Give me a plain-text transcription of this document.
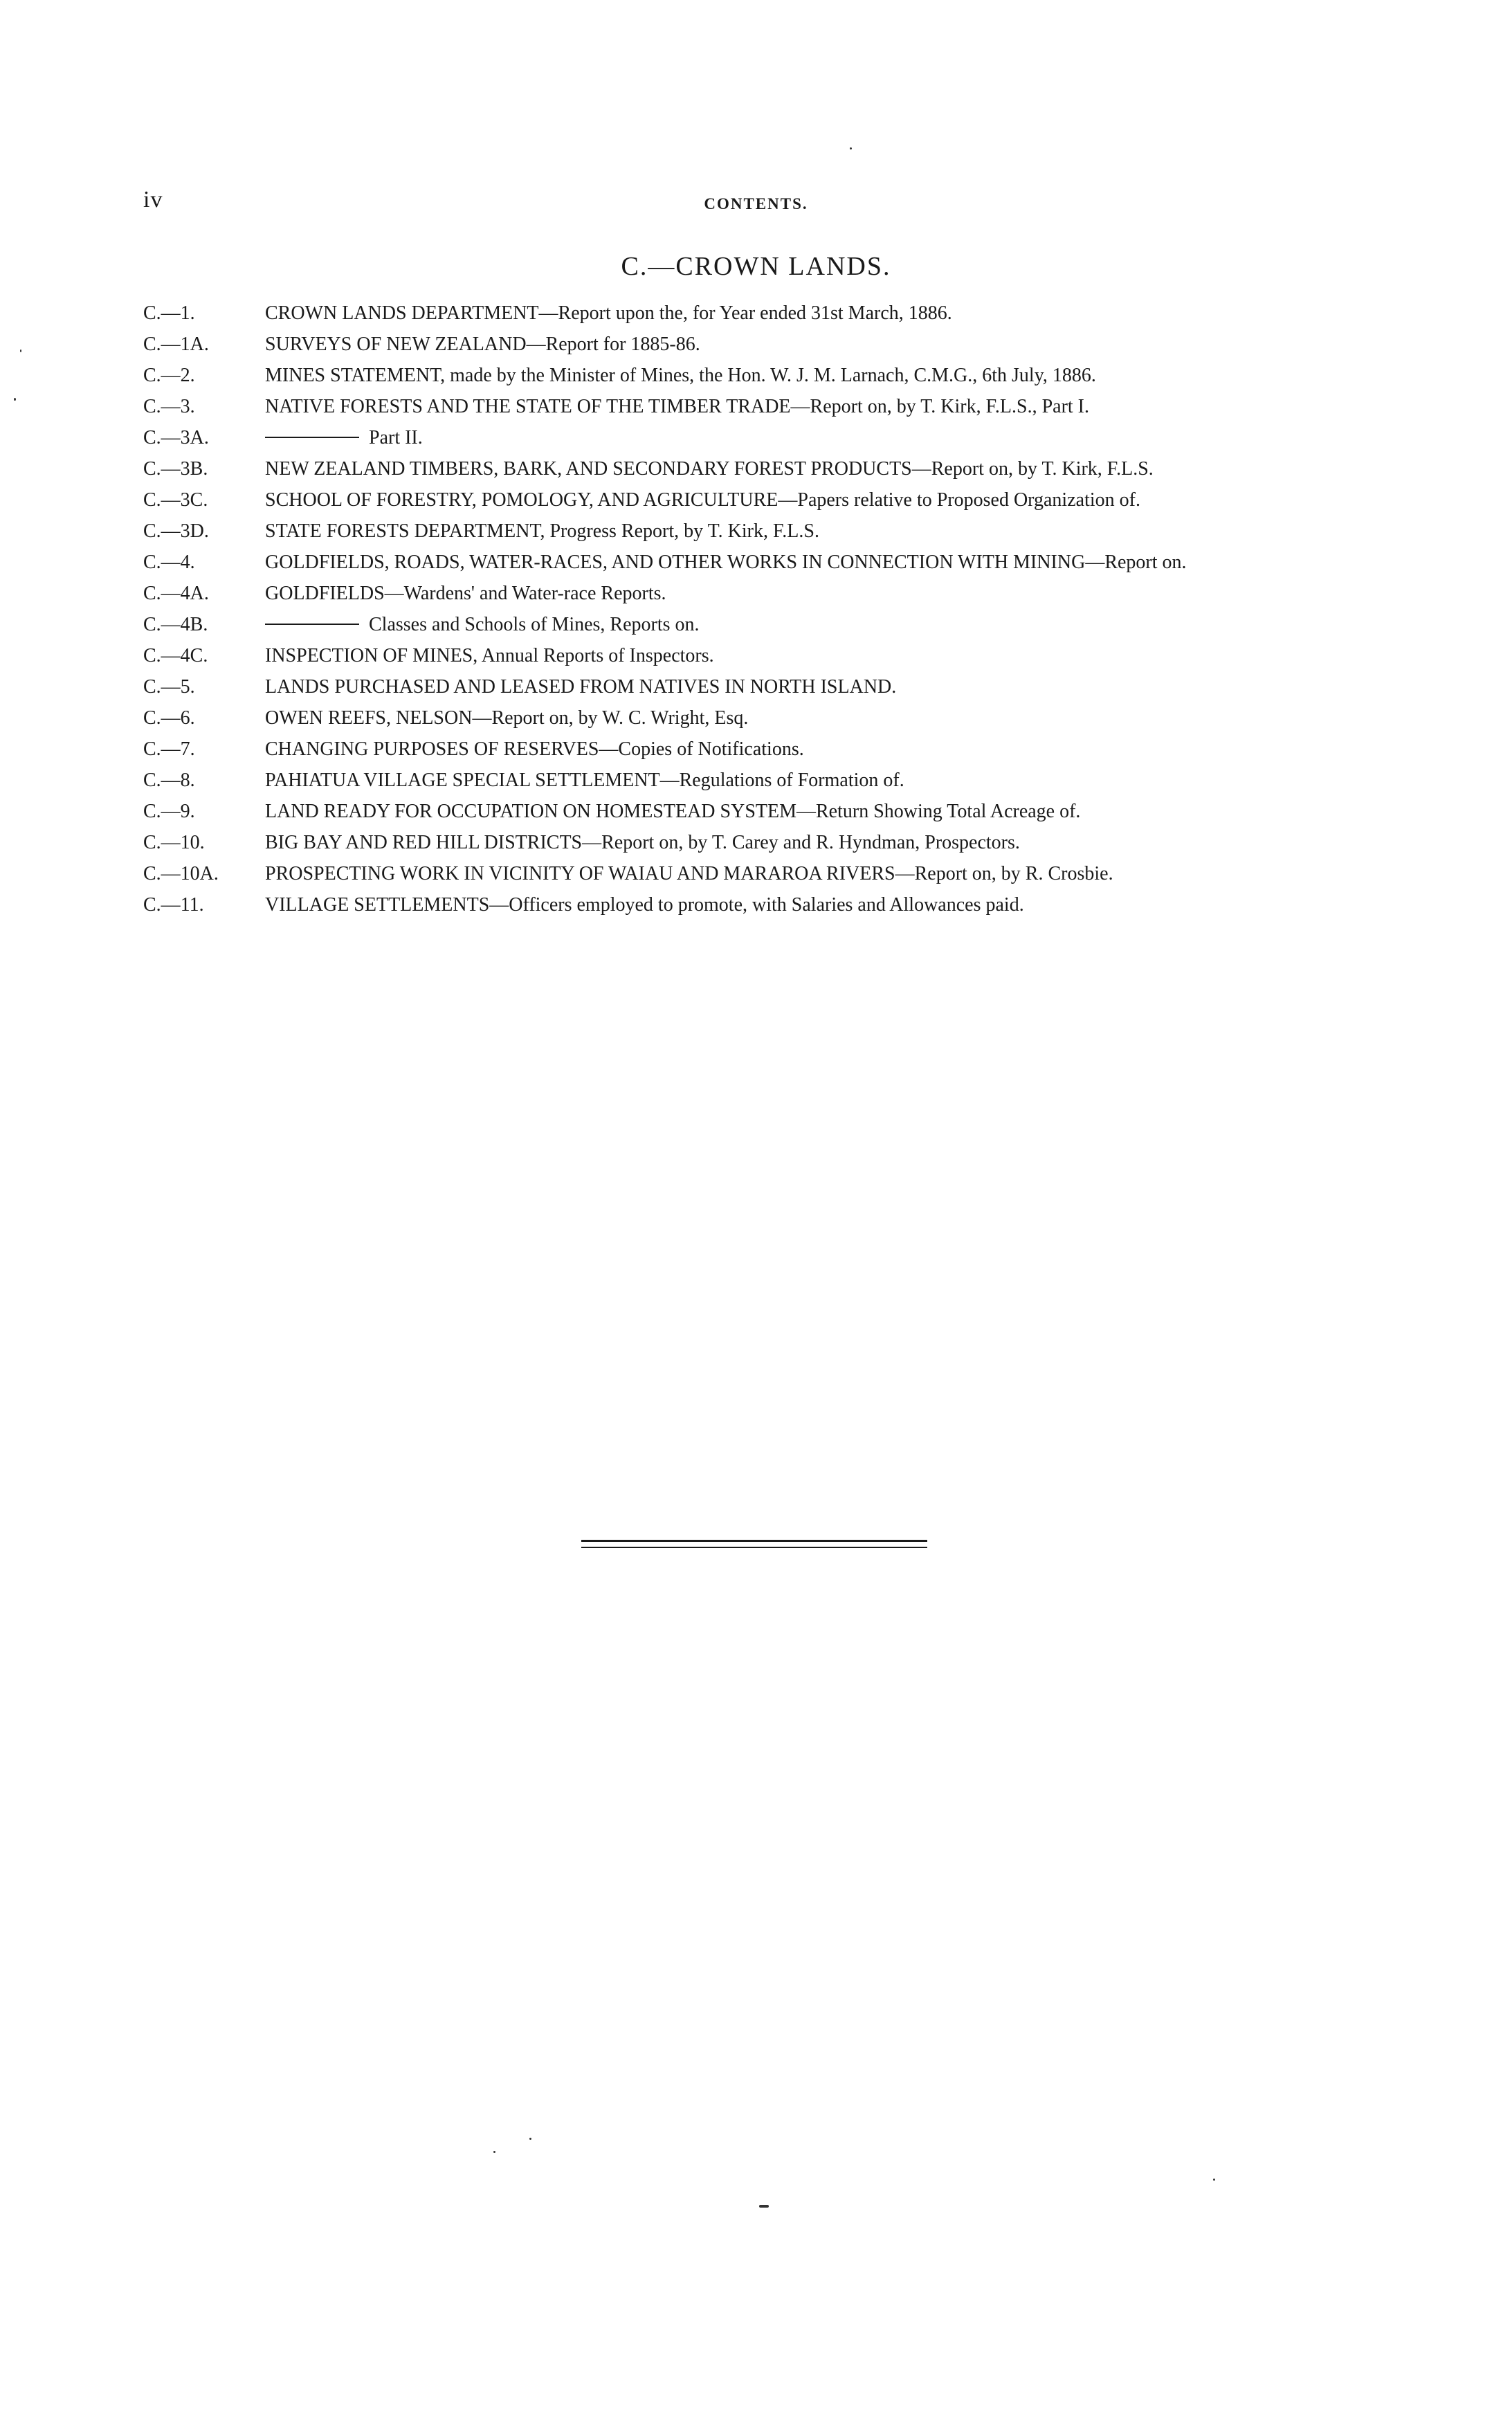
iv	CONTENTS.
C.—CROWN LANDS.
C.—1.	CROWN LANDS DEPARTMENT—Report upon the, for Year ended 31st March, 1886.
C.—1A.	SURVEYS OF NEW ZEALAND—Report for 1885-86.
C.—2.	MINES STATEMENT, made by the Minister of Mines, the Hon. W. J. M. Larnach, C.M.G., 6th July, 1886.
C.—3.	NATIVE FORESTS AND THE STATE OF THE TIMBER TRADE—Report on, by T. Kirk, F.L.S., Part I.
C.—3A.	Part II.
C.—3B.	NEW ZEALAND TIMBERS, BARK, AND SECONDARY FOREST PRODUCTS—Report on, by T. Kirk, F.L.S.
C.—3C.	SCHOOL OF FORESTRY, POMOLOGY, AND AGRICULTURE—Papers relative to Proposed Organization of.
C.—3D.	STATE FORESTS DEPARTMENT, Progress Report, by T. Kirk, F.L.S.
C.—4.	GOLDFIELDS, ROADS, WATER-RACES, AND OTHER WORKS IN CONNECTION WITH MINING—Report on.
C.—4A.	GOLDFIELDS—Wardens' and Water-race Reports.
C.—4B.	Classes and Schools of Mines, Reports on.
C.—4C.	INSPECTION OF MINES, Annual Reports of Inspectors.
C.—5.	LANDS PURCHASED AND LEASED FROM NATIVES IN NORTH ISLAND.
C.—6.	OWEN REEFS, NELSON—Report on, by W. C. Wright, Esq.
C.—7.	CHANGING PURPOSES OF RESERVES—Copies of Notifications.
C.—8.	PAHIATUA VILLAGE SPECIAL SETTLEMENT—Regulations of Formation of.
C.—9.	LAND READY FOR OCCUPATION ON HOMESTEAD SYSTEM—Return Showing Total Acreage of.
C.—10.	BIG BAY AND RED HILL DISTRICTS—Report on, by T. Carey and R. Hyndman, Prospectors.
C.—10A.	PROSPECTING WORK IN VICINITY OF WAIAU AND MARAROA RIVERS—Report on, by R. Crosbie.
C.—11.	VILLAGE SETTLEMENTS—Officers employed to promote, with Salaries and Allowances paid.
